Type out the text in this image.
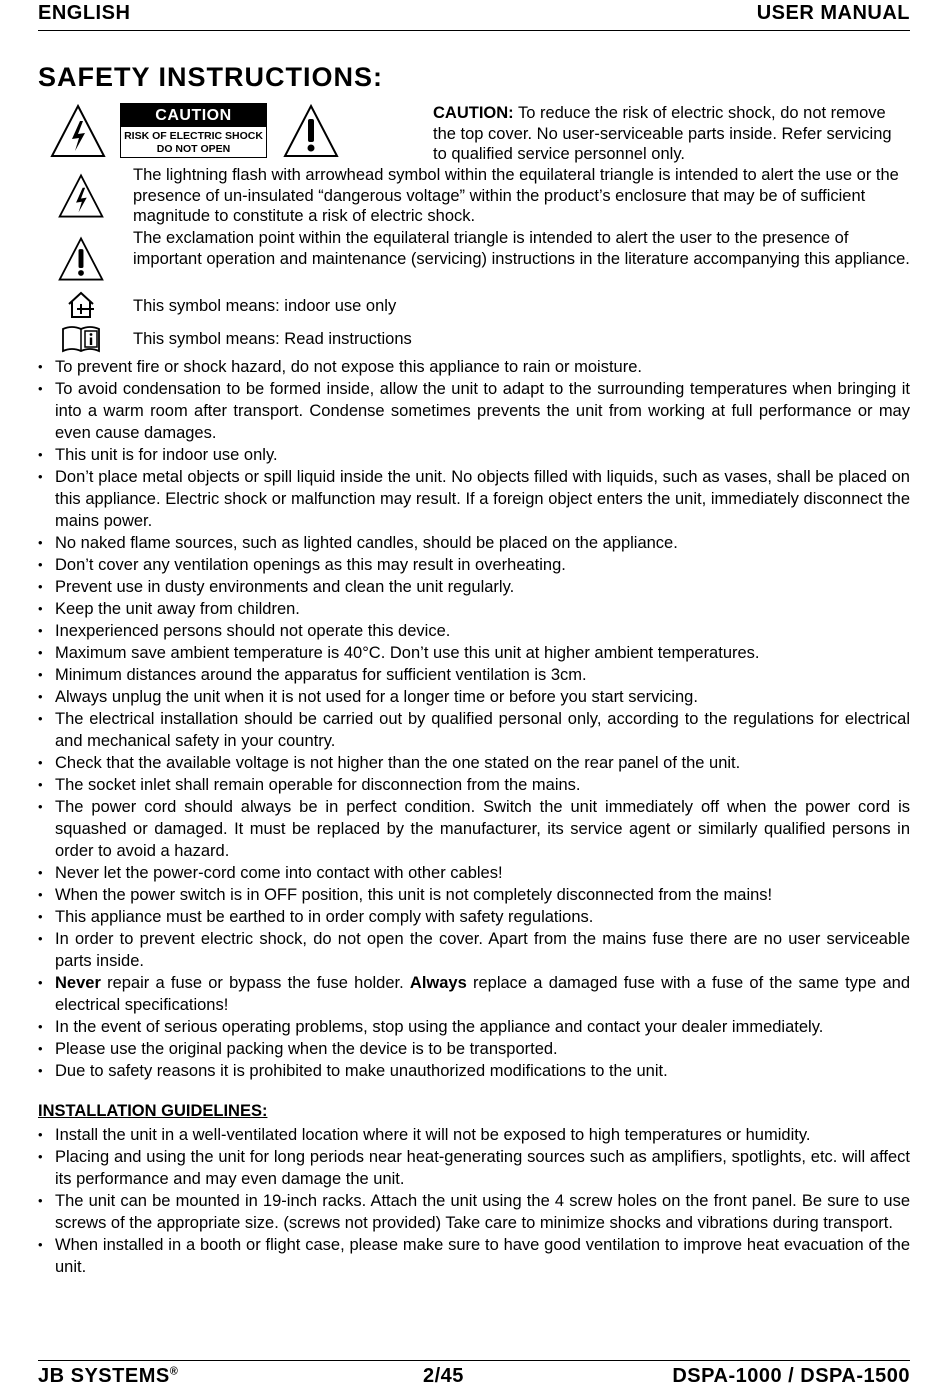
ENGLISH	USER MANUAL
SAFETY INSTRUCTIONS:
CAUTION
RISK OF ELECTRIC SHOCK
DO NOT OPEN
CAUTION: To reduce the risk of electric shock, do not remove the top cover. No user-serviceable parts inside. Refer servicing to qualified service personnel only.
The lightning flash with arrowhead symbol within the equilateral triangle is intended to alert the use or the presence of un-insulated “dangerous voltage” within the product’s enclosure that may be of sufficient magnitude to constitute a risk of electric shock.
The exclamation point within the equilateral triangle is intended to alert the user to the presence of important operation and maintenance (servicing) instructions in the literature accompanying this appliance.
This symbol means: indoor use only
This symbol means: Read instructions
• To prevent fire or shock hazard, do not expose this appliance to rain or moisture.
• To avoid condensation to be formed inside, allow the unit to adapt to the surrounding temperatures when bringing it into a warm room after transport. Condense sometimes prevents the unit from working at full performance or may even cause damages.
• This unit is for indoor use only.
• Don’t place metal objects or spill liquid inside the unit. No objects filled with liquids, such as vases, shall be placed on this appliance. Electric shock or malfunction may result. If a foreign object enters the unit, immediately disconnect the mains power.
• No naked flame sources, such as lighted candles, should be placed on the appliance.
• Don’t cover any ventilation openings as this may result in overheating.
• Prevent use in dusty environments and clean the unit regularly.
• Keep the unit away from children.
• Inexperienced persons should not operate this device.
• Maximum save ambient temperature is 40°C. Don’t use this unit at higher ambient temperatures.
• Minimum distances around the apparatus for sufficient ventilation is 3cm.
• Always unplug the unit when it is not used for a longer time or before you start servicing.
• The electrical installation should be carried out by qualified personal only, according to the regulations for electrical and mechanical safety in your country.
• Check that the available voltage is not higher than the one stated on the rear panel of the unit.
• The socket inlet shall remain operable for disconnection from the mains.
• The power cord should always be in perfect condition. Switch the unit immediately off when the power cord is squashed or damaged. It must be replaced by the manufacturer, its service agent or similarly qualified persons in order to avoid a hazard.
• Never let the power-cord come into contact with other cables!
• When the power switch is in OFF position, this unit is not completely disconnected from the mains!
• This appliance must be earthed to in order comply with safety regulations.
• In order to prevent electric shock, do not open the cover. Apart from the mains fuse there are no user serviceable parts inside.
• Never repair a fuse or bypass the fuse holder. Always replace a damaged fuse with a fuse of the same type and electrical specifications!
• In the event of serious operating problems, stop using the appliance and contact your dealer immediately.
• Please use the original packing when the device is to be transported.
• Due to safety reasons it is prohibited to make unauthorized modifications to the unit.
INSTALLATION GUIDELINES:
• Install the unit in a well-ventilated location where it will not be exposed to high temperatures or humidity.
• Placing and using the unit for long periods near heat-generating sources such as amplifiers, spotlights, etc. will affect its performance and may even damage the unit.
• The unit can be mounted in 19-inch racks. Attach the unit using the 4 screw holes on the front panel. Be sure to use screws of the appropriate size. (screws not provided) Take care to minimize shocks and vibrations during transport.
• When installed in a booth or flight case, please make sure to have good ventilation to improve heat evacuation of the unit.
JB SYSTEMS®	2/45	DSPA-1000 / DSPA-1500
